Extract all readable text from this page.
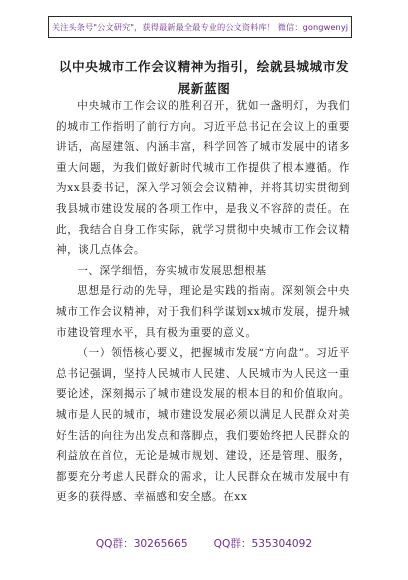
关注头条号"公文研究"，获得最新最全最专业的公文资料库！ 微信：gongwenyj
以中央城市工作会议精神为指引，绘就县城城市发展新蓝图

中央城市工作会议的胜利召开，犹如一盏明灯，为我们的城市工作指明了前行方向。习近平总书记在会议上的重要讲话，高屋建瓴、内涵丰富，科学回答了城市发展中的诸多重大问题，为我们做好新时代城市工作提供了根本遵循。作为xx县委书记，深入学习领会会议精神，并将其切实贯彻到我县城市建设发展的各项工作中，是我义不容辞的责任。在此，我结合自身工作实际，就学习贯彻中央城市工作会议精神，谈几点体会。

一、深学细悟，夯实城市发展思想根基

思想是行动的先导，理论是实践的指南。深刻领会中央城市工作会议精神，对于我们科学谋划xx城市发展，提升城市建设管理水平，具有极为重要的意义。

（一）领悟核心要义，把握城市发展“方向盘”。习近平总书记强调，坚持人民城市人民建、人民城市为人民这一重要论述，深刻揭示了城市建设发展的根本目的和价值取向。城市是人民的城市，城市建设发展必须以满足人民群众对美好生活的向往为出发点和落脚点，我们要始终把人民群众的利益放在首位，无论是城市规划、建设，还是管理、服务，都要充分考虑人民群众的需求，让人民群众在城市发展中有更多的获得感、幸福感和安全感。在xx

QQ群：30265665 QQ群：535304092
